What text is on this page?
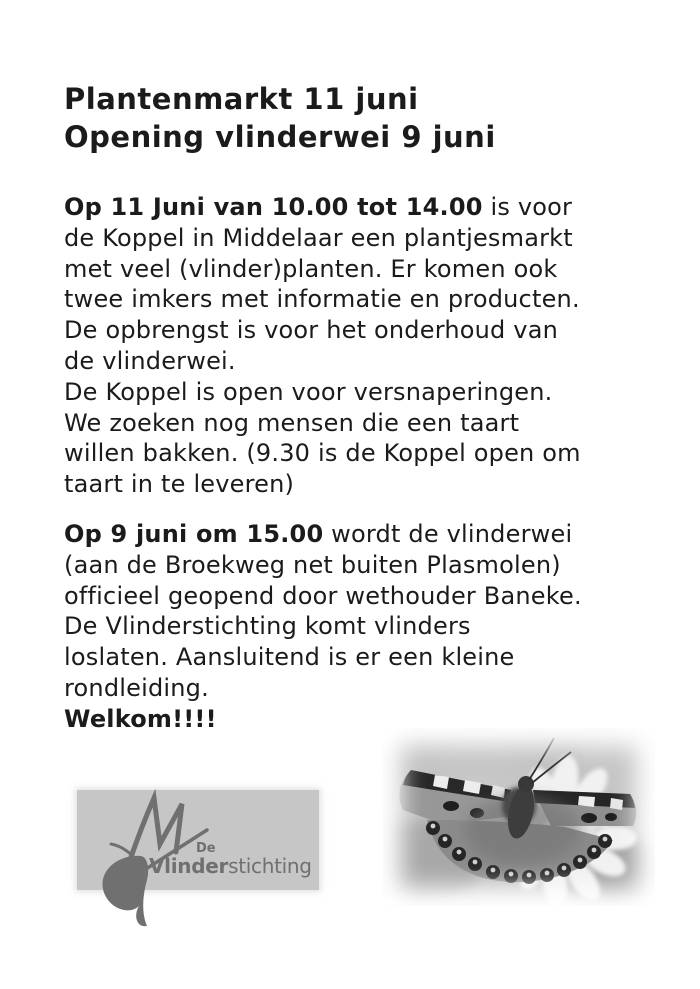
Plantenmarkt 11 juni
Opening vlinderwei 9 juni
Op 11 Juni van 10.00 tot 14.00 is voor
de Koppel in Middelaar een plantjesmarkt
met veel (vlinder)planten. Er komen ook
twee imkers met informatie en producten.
De opbrengst is voor het onderhoud van
de vlinderwei.
De Koppel is open voor versnaperingen.
We zoeken nog mensen die een taart
willen bakken. (9.30 is de Koppel open om
taart in te leveren)
Op 9 juni om 15.00 wordt de vlinderwei
(aan de Broekweg net buiten Plasmolen)
officieel geopend door wethouder Baneke.
De Vlinderstichting komt vlinders
loslaten. Aansluitend is er een kleine
rondleiding.
Welkom!!!!
De
Vlinderstichting
